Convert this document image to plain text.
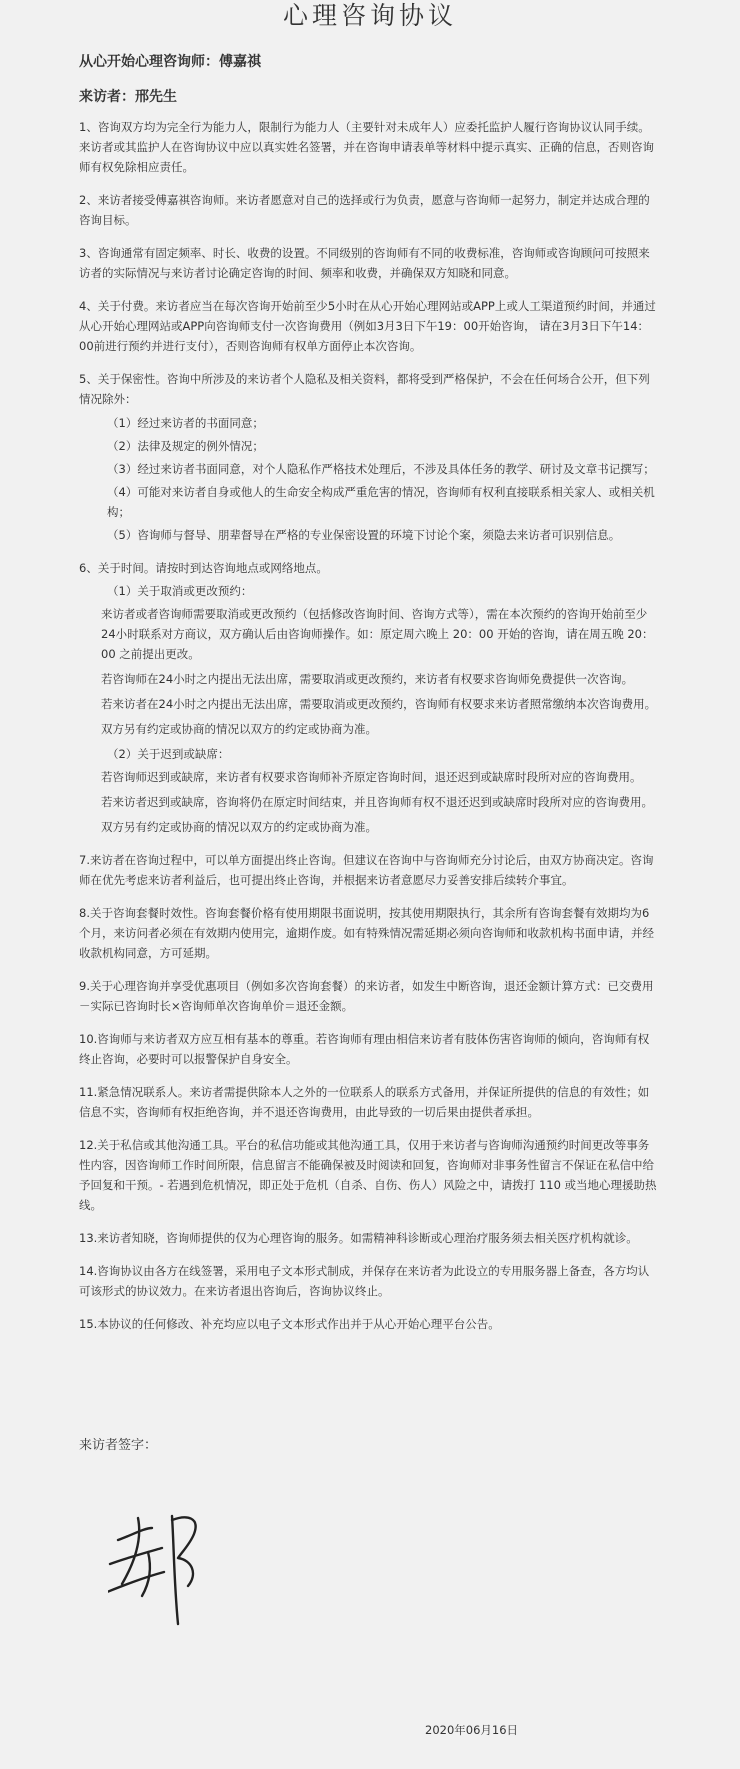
心理咨询协议

从心开始心理咨询师：傅嘉祺

来访者：邢先生

1、咨询双方均为完全行为能力人，限制行为能力人（主要针对未成年人）应委托监护人履行咨询协议认同手续。来访者或其监护人在咨询协议中应以真实姓名签署，并在咨询申请表单等材料中提示真实、正确的信息，否则咨询师有权免除相应责任。

2、来访者接受傅嘉祺咨询师。来访者愿意对自己的选择或行为负责，愿意与咨询师一起努力，制定并达成合理的咨询目标。

3、咨询通常有固定频率、时长、收费的设置。不同级别的咨询师有不同的收费标准，咨询师或咨询顾问可按照来访者的实际情况与来访者讨论确定咨询的时间、频率和收费，并确保双方知晓和同意。

4、关于付费。来访者应当在每次咨询开始前至少5小时在从心开始心理网站或APP上或人工渠道预约时间，并通过从心开始心理网站或APP向咨询师支付一次咨询费用（例如3月3日下午19：00开始咨询， 请在3月3日下午14：00前进行预约并进行支付），否则咨询师有权单方面停止本次咨询。

5、关于保密性。咨询中所涉及的来访者个人隐私及相关资料，都将受到严格保护，不会在任何场合公开，但下列情况除外：

（1）经过来访者的书面同意；

（2）法律及规定的例外情况；

（3）经过来访者书面同意，对个人隐私作严格技术处理后，不涉及具体任务的教学、研讨及文章书记撰写；

（4）可能对来访者自身或他人的生命安全构成严重危害的情况，咨询师有权利直接联系相关家人、或相关机构；

（5）咨询师与督导、朋辈督导在严格的专业保密设置的环境下讨论个案，须隐去来访者可识别信息。

6、关于时间。请按时到达咨询地点或网络地点。

（1）关于取消或更改预约：

来访者或者咨询师需要取消或更改预约（包括修改咨询时间、咨询方式等），需在本次预约的咨询开始前至少24小时联系对方商议，双方确认后由咨询师操作。如：原定周六晚上 20：00 开始的咨询，请在周五晚 20：00 之前提出更改。

若咨询师在24小时之内提出无法出席，需要取消或更改预约，来访者有权要求咨询师免费提供一次咨询。

若来访者在24小时之内提出无法出席，需要取消或更改预约，咨询师有权要求来访者照常缴纳本次咨询费用。

双方另有约定或协商的情况以双方的约定或协商为准。

（2）关于迟到或缺席：

若咨询师迟到或缺席，来访者有权要求咨询师补齐原定咨询时间，退还迟到或缺席时段所对应的咨询费用。

若来访者迟到或缺席，咨询将仍在原定时间结束，并且咨询师有权不退还迟到或缺席时段所对应的咨询费用。

双方另有约定或协商的情况以双方的约定或协商为准。

7.来访者在咨询过程中，可以单方面提出终止咨询。但建议在咨询中与咨询师充分讨论后，由双方协商决定。咨询师在优先考虑来访者利益后，也可提出终止咨询，并根据来访者意愿尽力妥善安排后续转介事宜。

8.关于咨询套餐时效性。咨询套餐价格有使用期限书面说明，按其使用期限执行，其余所有咨询套餐有效期均为6个月，来访问者必须在有效期内使用完，逾期作废。如有特殊情况需延期必须向咨询师和收款机构书面申请，并经收款机构同意，方可延期。

9.关于心理咨询并享受优惠项目（例如多次咨询套餐）的来访者，如发生中断咨询，退还金额计算方式：已交费用－实际已咨询时长×咨询师单次咨询单价＝退还金额。

10.咨询师与来访者双方应互相有基本的尊重。若咨询师有理由相信来访者有肢体伤害咨询师的倾向，咨询师有权终止咨询，必要时可以报警保护自身安全。

11.紧急情况联系人。来访者需提供除本人之外的一位联系人的联系方式备用，并保证所提供的信息的有效性；如信息不实，咨询师有权拒绝咨询，并不退还咨询费用，由此导致的一切后果由提供者承担。

12.关于私信或其他沟通工具。平台的私信功能或其他沟通工具，仅用于来访者与咨询师沟通预约时间更改等事务性内容，因咨询师工作时间所限，信息留言不能确保被及时阅读和回复，咨询师对非事务性留言不保证在私信中给予回复和干预。- 若遇到危机情况，即正处于危机（自杀、自伤、伤人）风险之中，请拨打 110 或当地心理援助热线。

13.来访者知晓，咨询师提供的仅为心理咨询的服务。如需精神科诊断或心理治疗服务须去相关医疗机构就诊。

14.咨询协议由各方在线签署，采用电子文本形式制成，并保存在来访者为此设立的专用服务器上备查，各方均认可该形式的协议效力。在来访者退出咨询后，咨询协议终止。

15.本协议的任何修改、补充均应以电子文本形式作出并于从心开始心理平台公告。

来访者签字：
2020年06月16日
